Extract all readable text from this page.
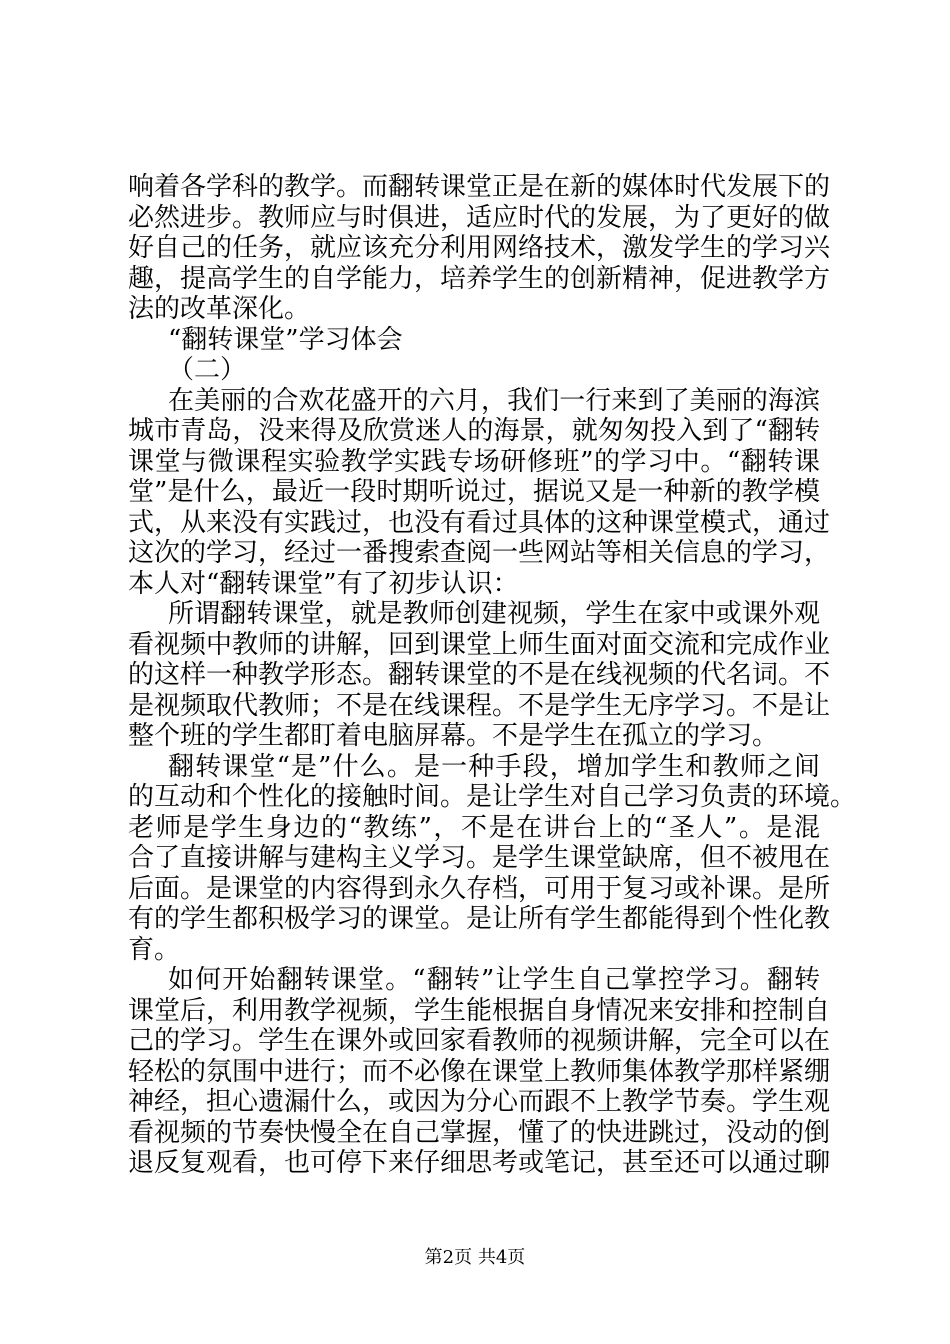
响着各学科的教学。而翻转课堂正是在新的媒体时代发展下的
必然进步。教师应与时俱进，适应时代的发展，为了更好的做
好自己的任务，就应该充分利用网络技术，激发学生的学习兴
趣，提高学生的自学能力，培养学生的创新精神，促进教学方
法的改革深化。
“翻转课堂”学习体会
（二）
在美丽的合欢花盛开的六月，我们一行来到了美丽的海滨
城市青岛，没来得及欣赏迷人的海景，就匆匆投入到了“翻转
课堂与微课程实验教学实践专场研修班”的学习中。“翻转课
堂”是什么，最近一段时期听说过，据说又是一种新的教学模
式，从来没有实践过，也没有看过具体的这种课堂模式，通过
这次的学习，经过一番搜索查阅一些网站等相关信息的学习，
本人对“翻转课堂”有了初步认识：
所谓翻转课堂，就是教师创建视频，学生在家中或课外观
看视频中教师的讲解，回到课堂上师生面对面交流和完成作业
的这样一种教学形态。翻转课堂的不是在线视频的代名词。不
是视频取代教师；不是在线课程。不是学生无序学习。不是让
整个班的学生都盯着电脑屏幕。不是学生在孤立的学习。
翻转课堂“是”什么。是一种手段，增加学生和教师之间
的互动和个性化的接触时间。是让学生对自己学习负责的环境。
老师是学生身边的“教练”，不是在讲台上的“圣人”。是混
合了直接讲解与建构主义学习。是学生课堂缺席，但不被甩在
后面。是课堂的内容得到永久存档，可用于复习或补课。是所
有的学生都积极学习的课堂。是让所有学生都能得到个性化教
育。
如何开始翻转课堂。“翻转”让学生自己掌控学习。翻转
课堂后，利用教学视频，学生能根据自身情况来安排和控制自
己的学习。学生在课外或回家看教师的视频讲解，完全可以在
轻松的氛围中进行；而不必像在课堂上教师集体教学那样紧绷
神经，担心遗漏什么，或因为分心而跟不上教学节奏。学生观
看视频的节奏快慢全在自己掌握，懂了的快进跳过，没动的倒
退反复观看，也可停下来仔细思考或笔记，甚至还可以通过聊
第2页 共4页
